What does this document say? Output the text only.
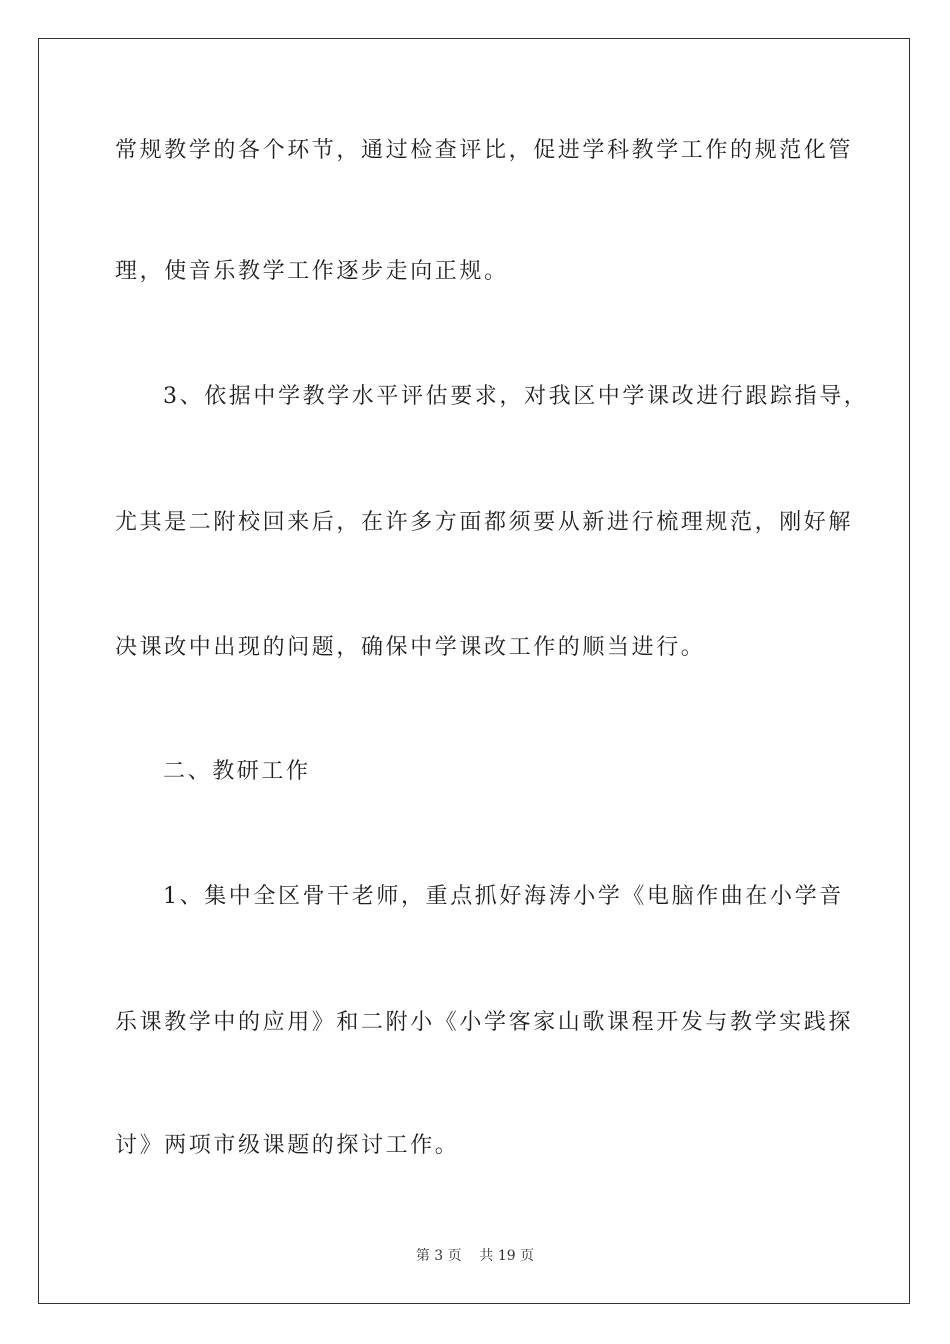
常规教学的各个环节，通过检查评比，促进学科教学工作的规范化管
理，使音乐教学工作逐步走向正规。
3、依据中学教学水平评估要求，对我区中学课改进行跟踪指导，
尤其是二附校回来后，在许多方面都须要从新进行梳理规范，刚好解
决课改中出现的问题，确保中学课改工作的顺当进行。
二、教研工作
1、集中全区骨干老师，重点抓好海涛小学《电脑作曲在小学音
乐课教学中的应用》和二附小《小学客家山歌课程开发与教学实践探
讨》两项市级课题的探讨工作。
第 3 页    共 19 页
